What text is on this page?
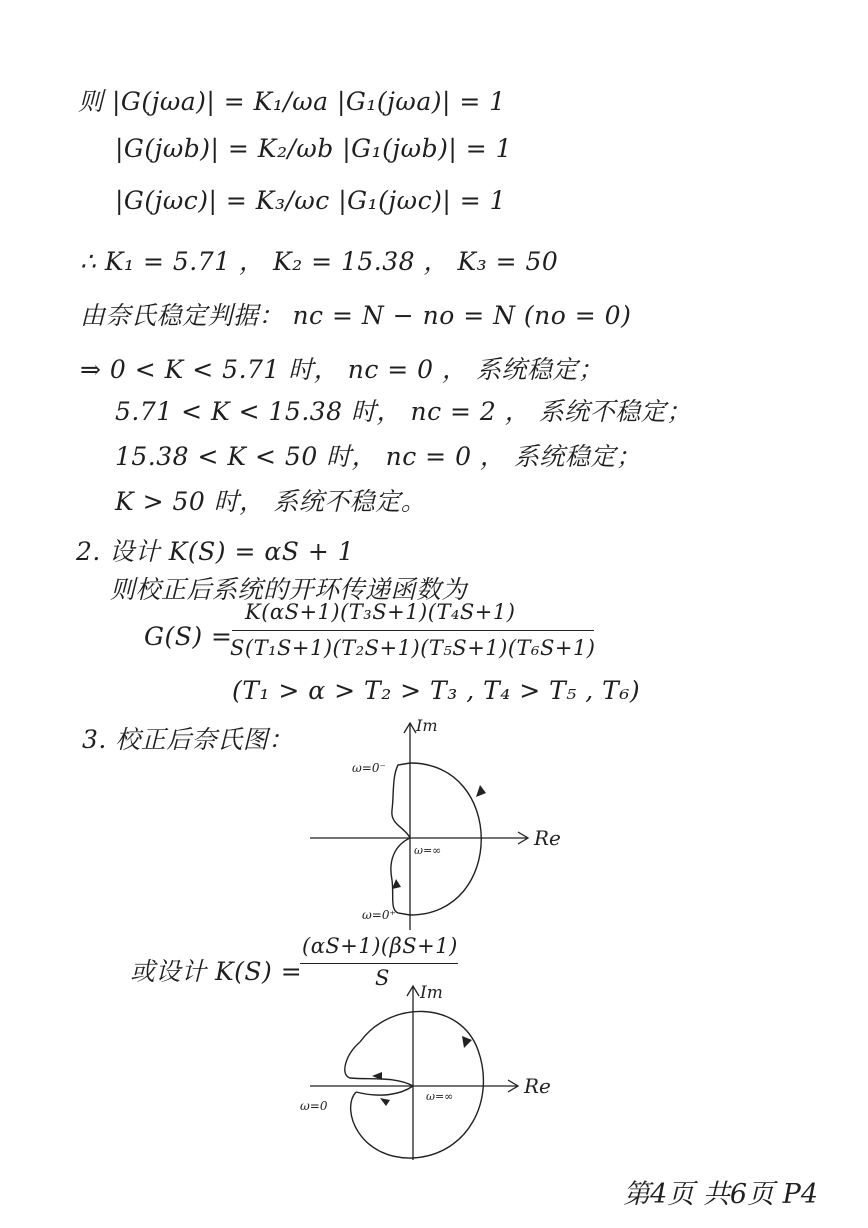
则 |G(jωa)| = K₁/ωa |G₁(jωa)| = 1
|G(jωb)| = K₂/ωb |G₁(jωb)| = 1
|G(jωc)| = K₃/ωc |G₁(jωc)| = 1
∴ K₁ = 5.71 ， K₂ = 15.38 ， K₃ = 50
由奈氏稳定判据： nc = N − no = N (no = 0)
⇒ 0 < K < 5.71 时， nc = 0 ， 系统稳定；
5.71 < K < 15.38 时， nc = 2 ， 系统不稳定；
15.38 < K < 50 时， nc = 0 ， 系统稳定；
K > 50 时， 系统不稳定。
2. 设计 K(S) = αS + 1
则校正后系统的开环传递函数为
G(S) =
K(αS+1)(T₃S+1)(T₄S+1)
S(T₁S+1)(T₂S+1)(T₅S+1)(T₆S+1)
(T₁ > α > T₂ > T₃ , T₄ > T₅ , T₆)
3. 校正后奈氏图：	Im
Re
ω=0⁻
ω=∞
ω=0⁺
或设计 K(S) =
(αS+1)(βS+1)
S
Im
Re
ω=0
ω=∞
第4页 共6页 P4
